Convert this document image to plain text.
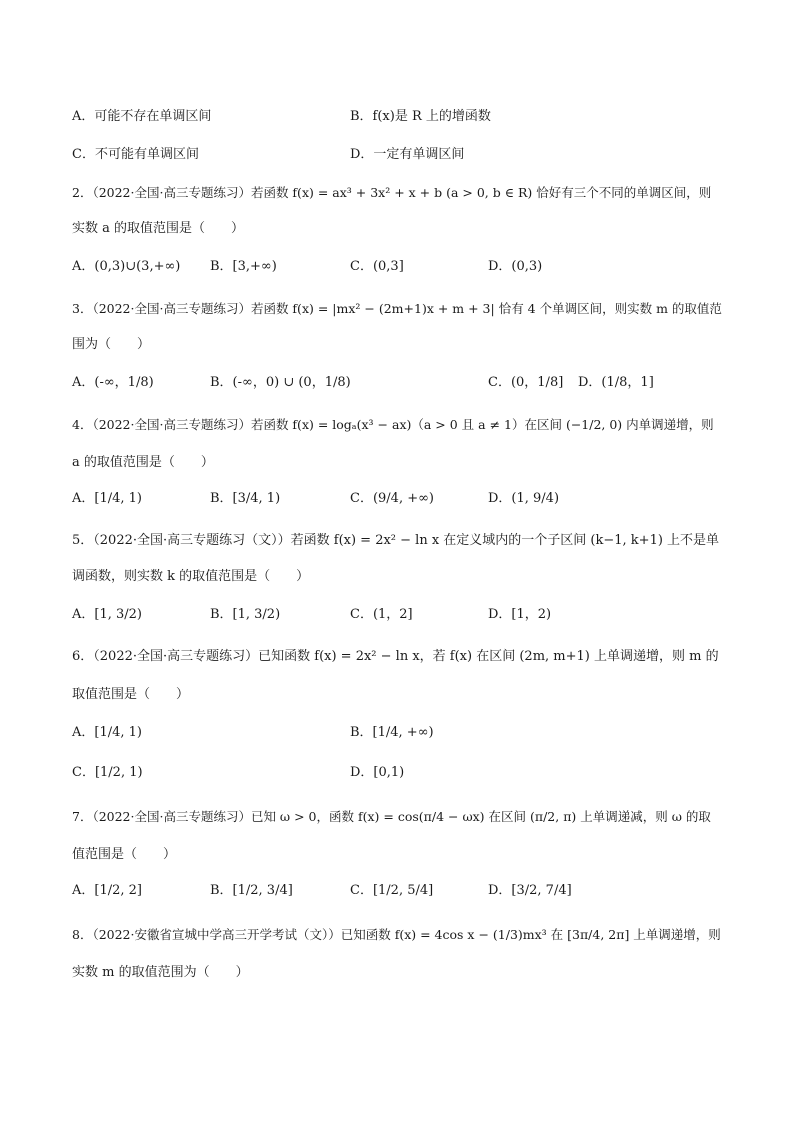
A．可能不存在单调区间	B．f(x)是 R 上的增函数
C．不可能有单调区间	D．一定有单调区间
2．（2022·全国·高三专题练习）若函数 f(x) = ax³ + 3x² + x + b (a > 0, b ∈ R) 恰好有三个不同的单调区间，则
实数 a 的取值范围是（　　）
A．(0,3)∪(3,+∞) B．[3,+∞)	C．(0,3]	D．(0,3)
3．（2022·全国·高三专题练习）若函数 f(x) = |mx² − (2m+1)x + m + 3| 恰有 4 个单调区间，则实数 m 的取值范
围为（　　）
A．(-∞，1/8)	B．(-∞，0) ∪ (0，1/8)	C．(0，1/8] D．(1/8，1]
4．（2022·全国·高三专题练习）若函数 f(x) = logₐ(x³ − ax)（a > 0 且 a ≠ 1）在区间 (−1/2, 0) 内单调递增，则
a 的取值范围是（　　）
A．[1/4, 1)	B．[3/4, 1)	C．(9/4, +∞)	D．(1, 9/4)
5．（2022·全国·高三专题练习（文））若函数 f(x) = 2x² − ln x 在定义域内的一个子区间 (k−1, k+1) 上不是单
调函数，则实数 k 的取值范围是（　　）
A．[1, 3/2)	B．[1, 3/2)	C．(1，2]	D．[1，2)
6．（2022·全国·高三专题练习）已知函数 f(x) = 2x² − ln x，若 f(x) 在区间 (2m, m+1) 上单调递增，则 m 的
取值范围是（　　）
A．[1/4, 1)	B．[1/4, +∞)
C．[1/2, 1)	D．[0,1)
7．（2022·全国·高三专题练习）已知 ω > 0，函数 f(x) = cos(π/4 − ωx) 在区间 (π/2, π) 上单调递减，则 ω 的取
值范围是（　　）
A．[1/2, 2]	B．[1/2, 3/4]	C．[1/2, 5/4]	D．[3/2, 7/4]
8．（2022·安徽省宣城中学高三开学考试（文））已知函数 f(x) = 4cos x − (1/3)mx³ 在 [3π/4, 2π] 上单调递增，则
实数 m 的取值范围为（　　）
